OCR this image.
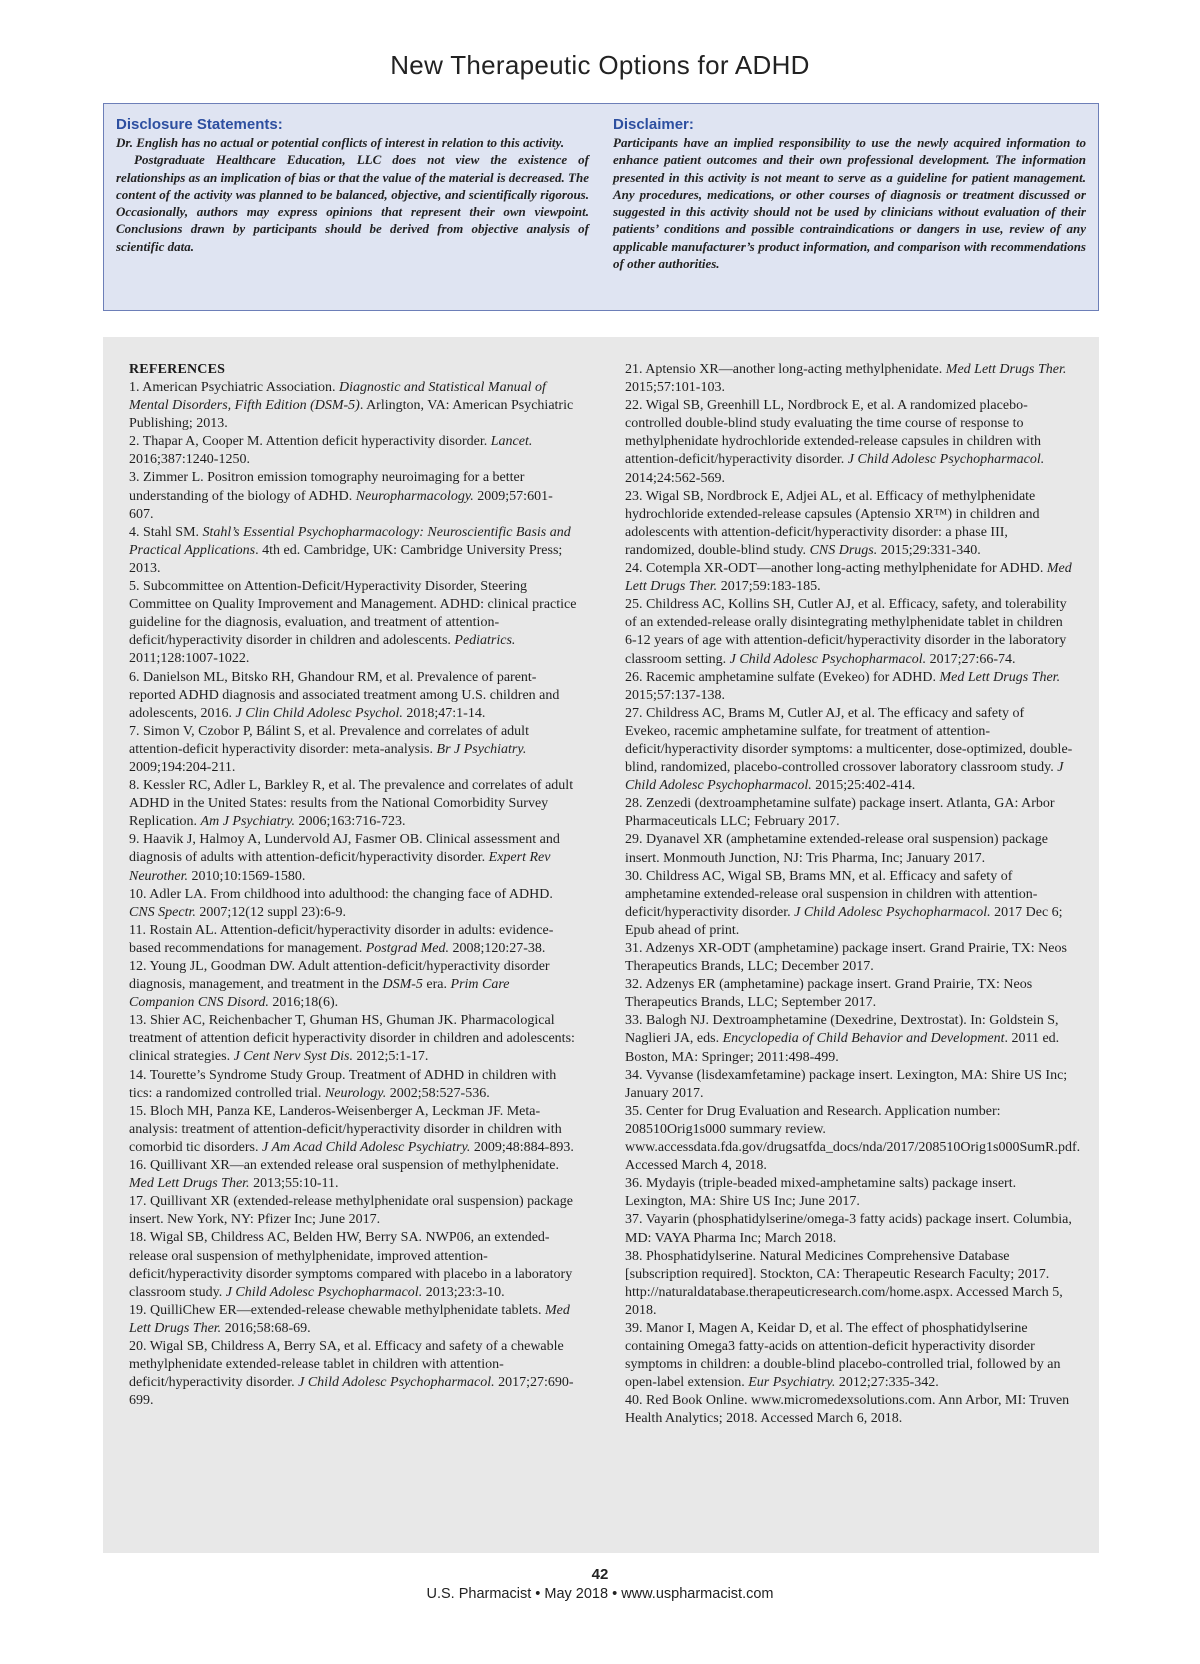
New Therapeutic Options for ADHD

Disclosure Statements:

Dr. English has no actual or potential conflicts of interest in relation to this activity.

Postgraduate Healthcare Education, LLC does not view the existence of relationships as an implication of bias or that the value of the material is decreased. The content of the activity was planned to be balanced, objective, and scientifically rigorous. Occasionally, authors may express opinions that represent their own viewpoint. Conclusions drawn by participants should be derived from objective analysis of scientific data.

Disclaimer:

Participants have an implied responsibility to use the newly acquired information to enhance patient outcomes and their own professional development. The information presented in this activity is not meant to serve as a guideline for patient management. Any procedures, medications, or other courses of diagnosis or treatment discussed or suggested in this activity should not be used by clinicians without evaluation of their patients’ conditions and possible contraindications or dangers in use, review of any applicable manufacturer’s product information, and comparison with recommendations of other authorities.

REFERENCES

1. American Psychiatric Association. Diagnostic and Statistical Manual of Mental Disorders, Fifth Edition (DSM-5). Arlington, VA: American Psychiatric Publishing; 2013.

2. Thapar A, Cooper M. Attention deficit hyperactivity disorder. Lancet. 2016;387:1240-1250.

3. Zimmer L. Positron emission tomography neuroimaging for a better understanding of the biology of ADHD. Neuropharmacology. 2009;57:601-607.

4. Stahl SM. Stahl’s Essential Psychopharmacology: Neuroscientific Basis and Practical Applications. 4th ed. Cambridge, UK: Cambridge University Press; 2013.

5. Subcommittee on Attention-Deficit/Hyperactivity Disorder, Steering Committee on Quality Improvement and Management. ADHD: clinical practice guideline for the diagnosis, evaluation, and treatment of attention-deficit/hyperactivity disorder in children and adolescents. Pediatrics. 2011;128:1007-1022.

6. Danielson ML, Bitsko RH, Ghandour RM, et al. Prevalence of parent-reported ADHD diagnosis and associated treatment among U.S. children and adolescents, 2016. J Clin Child Adolesc Psychol. 2018;47:1-14.

7. Simon V, Czobor P, Bálint S, et al. Prevalence and correlates of adult attention-deficit hyperactivity disorder: meta-analysis. Br J Psychiatry. 2009;194:204-211.

8. Kessler RC, Adler L, Barkley R, et al. The prevalence and correlates of adult ADHD in the United States: results from the National Comorbidity Survey Replication. Am J Psychiatry. 2006;163:716-723.

9. Haavik J, Halmoy A, Lundervold AJ, Fasmer OB. Clinical assessment and diagnosis of adults with attention-deficit/hyperactivity disorder. Expert Rev Neurother. 2010;10:1569-1580.

10. Adler LA. From childhood into adulthood: the changing face of ADHD. CNS Spectr. 2007;12(12 suppl 23):6-9.

11. Rostain AL. Attention-deficit/hyperactivity disorder in adults: evidence-based recommendations for management. Postgrad Med. 2008;120:27-38.

12. Young JL, Goodman DW. Adult attention-deficit/hyperactivity disorder diagnosis, management, and treatment in the DSM-5 era. Prim Care Companion CNS Disord. 2016;18(6).

13. Shier AC, Reichenbacher T, Ghuman HS, Ghuman JK. Pharmacological treatment of attention deficit hyperactivity disorder in children and adolescents: clinical strategies. J Cent Nerv Syst Dis. 2012;5:1-17.

14. Tourette’s Syndrome Study Group. Treatment of ADHD in children with tics: a randomized controlled trial. Neurology. 2002;58:527-536.

15. Bloch MH, Panza KE, Landeros-Weisenberger A, Leckman JF. Meta-analysis: treatment of attention-deficit/hyperactivity disorder in children with comorbid tic disorders. J Am Acad Child Adolesc Psychiatry. 2009;48:884-893.

16. Quillivant XR—an extended release oral suspension of methylphenidate. Med Lett Drugs Ther. 2013;55:10-11.

17. Quillivant XR (extended-release methylphenidate oral suspension) package insert. New York, NY: Pfizer Inc; June 2017.

18. Wigal SB, Childress AC, Belden HW, Berry SA. NWP06, an extended-release oral suspension of methylphenidate, improved attention-deficit/hyperactivity disorder symptoms compared with placebo in a laboratory classroom study. J Child Adolesc Psychopharmacol. 2013;23:3-10.

19. QuilliChew ER—extended-release chewable methylphenidate tablets. Med Lett Drugs Ther. 2016;58:68-69.

20. Wigal SB, Childress A, Berry SA, et al. Efficacy and safety of a chewable methylphenidate extended-release tablet in children with attention-deficit/hyperactivity disorder. J Child Adolesc Psychopharmacol. 2017;27:690-699.

21. Aptensio XR—another long-acting methylphenidate. Med Lett Drugs Ther. 2015;57:101-103.

22. Wigal SB, Greenhill LL, Nordbrock E, et al. A randomized placebo-controlled double-blind study evaluating the time course of response to methylphenidate hydrochloride extended-release capsules in children with attention-deficit/hyperactivity disorder. J Child Adolesc Psychopharmacol. 2014;24:562-569.

23. Wigal SB, Nordbrock E, Adjei AL, et al. Efficacy of methylphenidate hydrochloride extended-release capsules (Aptensio XR™) in children and adolescents with attention-deficit/hyperactivity disorder: a phase III, randomized, double-blind study. CNS Drugs. 2015;29:331-340.

24. Cotempla XR-ODT—another long-acting methylphenidate for ADHD. Med Lett Drugs Ther. 2017;59:183-185.

25. Childress AC, Kollins SH, Cutler AJ, et al. Efficacy, safety, and tolerability of an extended-release orally disintegrating methylphenidate tablet in children 6-12 years of age with attention-deficit/hyperactivity disorder in the laboratory classroom setting. J Child Adolesc Psychopharmacol. 2017;27:66-74.

26. Racemic amphetamine sulfate (Evekeo) for ADHD. Med Lett Drugs Ther. 2015;57:137-138.

27. Childress AC, Brams M, Cutler AJ, et al. The efficacy and safety of Evekeo, racemic amphetamine sulfate, for treatment of attention-deficit/hyperactivity disorder symptoms: a multicenter, dose-optimized, double-blind, randomized, placebo-controlled crossover laboratory classroom study. J Child Adolesc Psychopharmacol. 2015;25:402-414.

28. Zenzedi (dextroamphetamine sulfate) package insert. Atlanta, GA: Arbor Pharmaceuticals LLC; February 2017.

29. Dyanavel XR (amphetamine extended-release oral suspension) package insert. Monmouth Junction, NJ: Tris Pharma, Inc; January 2017.

30. Childress AC, Wigal SB, Brams MN, et al. Efficacy and safety of amphetamine extended-release oral suspension in children with attention-deficit/hyperactivity disorder. J Child Adolesc Psychopharmacol. 2017 Dec 6; Epub ahead of print.

31. Adzenys XR-ODT (amphetamine) package insert. Grand Prairie, TX: Neos Therapeutics Brands, LLC; December 2017.

32. Adzenys ER (amphetamine) package insert. Grand Prairie, TX: Neos Therapeutics Brands, LLC; September 2017.

33. Balogh NJ. Dextroamphetamine (Dexedrine, Dextrostat). In: Goldstein S, Naglieri JA, eds. Encyclopedia of Child Behavior and Development. 2011 ed. Boston, MA: Springer; 2011:498-499.

34. Vyvanse (lisdexamfetamine) package insert. Lexington, MA: Shire US Inc; January 2017.

35. Center for Drug Evaluation and Research. Application number: 208510Orig1s000 summary review. www.accessdata.fda.gov/drugsatfda_docs/nda/2017/208510Orig1s000SumR.pdf. Accessed March 4, 2018.

36. Mydayis (triple-beaded mixed-amphetamine salts) package insert. Lexington, MA: Shire US Inc; June 2017.

37. Vayarin (phosphatidylserine/omega-3 fatty acids) package insert. Columbia, MD: VAYA Pharma Inc; March 2018.

38. Phosphatidylserine. Natural Medicines Comprehensive Database [subscription required]. Stockton, CA: Therapeutic Research Faculty; 2017. http://naturaldatabase.therapeuticresearch.com/home.aspx. Accessed March 5, 2018.

39. Manor I, Magen A, Keidar D, et al. The effect of phosphatidylserine containing Omega3 fatty-acids on attention-deficit hyperactivity disorder symptoms in children: a double-blind placebo-controlled trial, followed by an open-label extension. Eur Psychiatry. 2012;27:335-342.

40. Red Book Online. www.micromedexsolutions.com. Ann Arbor, MI: Truven Health Analytics; 2018. Accessed March 6, 2018.

42
U.S. Pharmacist • May 2018 • www.uspharmacist.com
